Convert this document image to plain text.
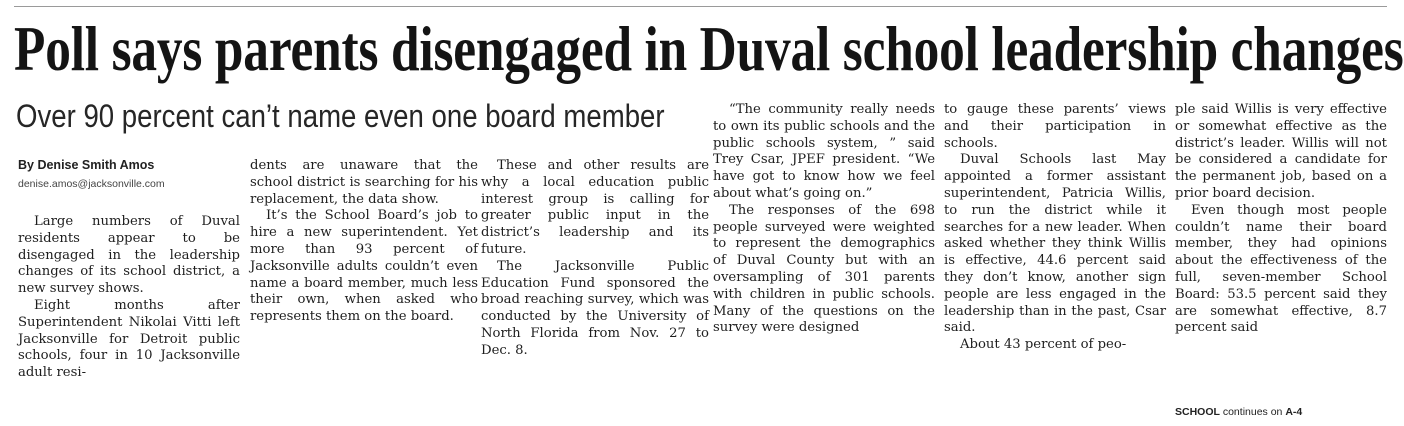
Poll says parents disengaged in Duval school leadership changes
Over 90 percent can’t name even one board member
By Denise Smith Amos
denise.amos@jacksonville.com

Large numbers of Duval residents appear to be disengaged in the leadership changes of its school district, a new survey shows.

Eight months after Superintendent Nikolai Vitti left Jacksonville for Detroit public schools, four in 10 Jacksonville adult resi-

dents are unaware that the school district is searching for his replacement, the data show.

It’s the School Board’s job to hire a new superintendent. Yet more than 93 percent of Jacksonville adults couldn’t even name a board member, much less their own, when asked who represents them on the board.

These and other results are why a local education public interest group is calling for greater public input in the district’s leadership and its future.

The Jacksonville Public Education Fund sponsored the broad reaching survey, which was conducted by the University of North Florida from Nov. 27 to Dec. 8.

“The community really needs to own its public schools and the public schools system, ” said Trey Csar, JPEF president. “We have got to know how we feel about what’s going on.”

The responses of the 698 people surveyed were weighted to represent the demographics of Duval County but with an oversampling of 301 parents with children in public schools. Many of the questions on the survey were designed

to gauge these parents’ views and their participation in schools.

Duval Schools last May appointed a former assistant superintendent, Patricia Willis, to run the district while it searches for a new leader. When asked whether they think Willis is effective, 44.6 percent said they don’t know, another sign people are less engaged in the leadership than in the past, Csar said.

About 43 percent of peo-

ple said Willis is very effective or somewhat effective as the district’s leader. Willis will not be considered a candidate for the permanent job, based on a prior board decision.

Even though most people couldn’t name their board member, they had opinions about the effectiveness of the full, seven-member School Board: 53.5 percent said they are somewhat effective, 8.7 percent said

SCHOOL continues on A-4
